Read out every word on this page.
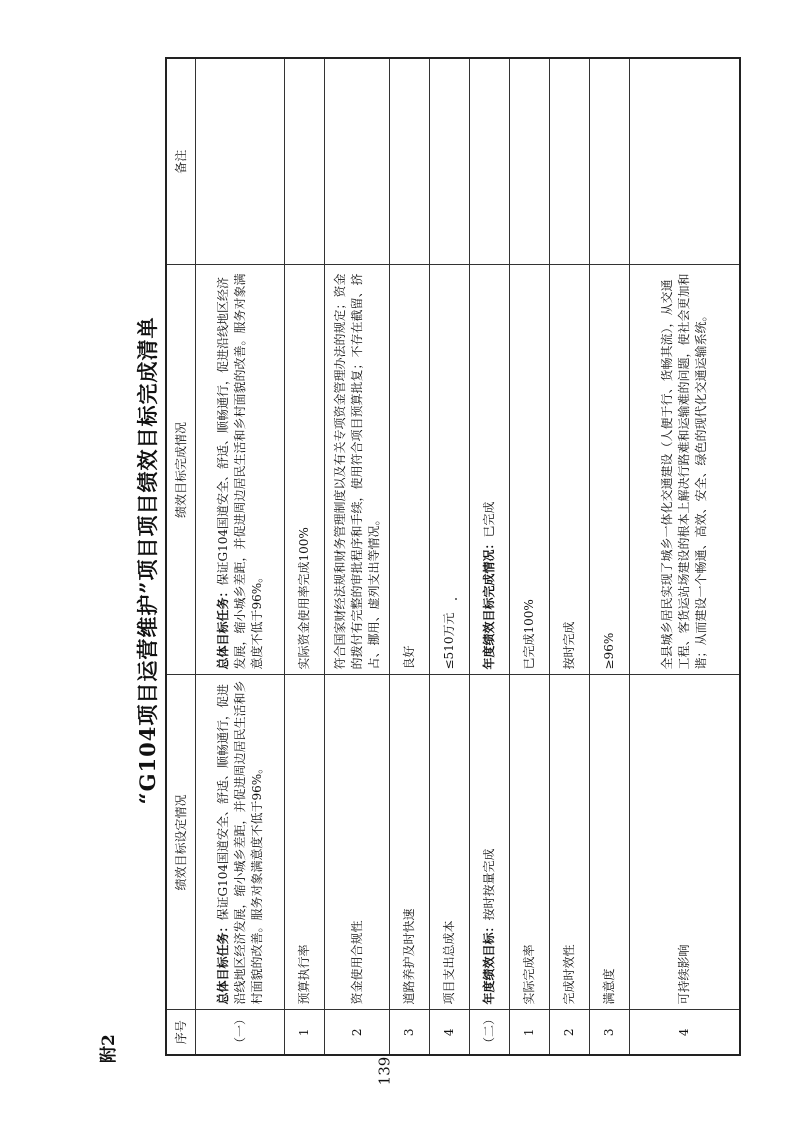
139
附2
“G104项目运营维护”项目项目绩效目标完成清单
序号	绩效目标设定情况	绩效目标完成情况	备注
（一）	总体目标任务：保证G104国道安全、舒适、顺畅通行，促进沿线地区经济发展，缩小城乡差距，并促进周边居民生活和乡村面貌的改善。服务对象满意度不低于96%。	总体目标任务：保证G104国道安全、舒适、顺畅通行，促进沿线地区经济发展，缩小城乡差距，并促进周边居民生活和乡村面貌的改善。服务对象满意度不低于96%。	
1	预算执行率	实际资金使用率完成100%	
2	资金使用合规性	符合国家财经法规和财务管理制度以及有关专项资金管理办法的规定；资金的拨付有完整的审批程序和手续，使用符合项目预算批复；不存在截留、挤占、挪用、虚列支出等情况。	
3	道路养护及时快速	良好	
4	项目支出总成本	≤510万元	
（二）	年度绩效目标：按时按量完成	年度绩效目标完成情况：已完成	
1	实际完成率	已完成100%	
2	完成时效性	按时完成	
3	满意度	≥96%	
4	可持续影响	全县城乡居民实现了城乡一体化交通建设（人便于行、货畅其流），从交通工程、客货运站场建设的根本上解决行路难和运输难的问题，使社会更加和谐；从而建设一个畅通、高效、安全、绿色的现代化交通运输系统。	
